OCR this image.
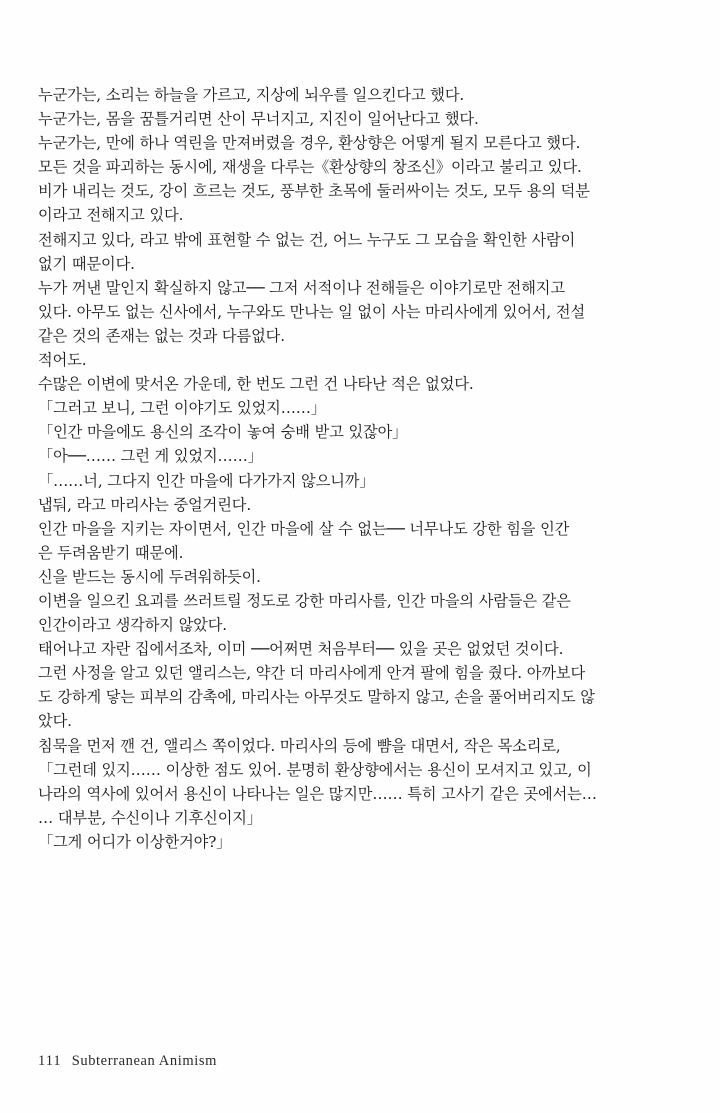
누군가는, 소리는 하늘을 가르고, 지상에 뇌우를 일으킨다고 했다.
누군가는, 몸을 꿈틀거리면 산이 무너지고, 지진이 일어난다고 했다.
누군가는, 만에 하나 역린을 만져버렸을 경우, 환상향은 어떻게 될지 모른다고 했다.
모든 것을 파괴하는 동시에, 재생을 다루는《환상향의 창조신》이라고 불리고 있다.
비가 내리는 것도, 강이 흐르는 것도, 풍부한 초목에 둘러싸이는 것도, 모두 용의 덕분
이라고 전해지고 있다.
전해지고 있다, 라고 밖에 표현할 수 없는 건, 어느 누구도 그 모습을 확인한 사람이
없기 때문이다.
누가 꺼낸 말인지 확실하지 않고── 그저 서적이나 전해들은 이야기로만 전해지고
있다. 아무도 없는 신사에서, 누구와도 만나는 일 없이 사는 마리사에게 있어서, 전설
같은 것의 존재는 없는 것과 다름없다.
적어도.
수많은 이변에 맞서온 가운데, 한 번도 그런 건 나타난 적은 없었다.
「그러고 보니, 그런 이야기도 있었지……」
「인간 마을에도 용신의 조각이 놓여 숭배 받고 있잖아」
「아──…… 그런 게 있었지……」
「……너, 그다지 인간 마을에 다가가지 않으니까」
냅둬, 라고 마리사는 중얼거린다.
인간 마을을 지키는 자이면서, 인간 마을에 살 수 없는── 너무나도 강한 힘을 인간
은 두려움받기 때문에.
신을 받드는 동시에 두려워하듯이.
이변을 일으킨 요괴를 쓰러트릴 정도로 강한 마리사를, 인간 마을의 사람들은 같은
인간이라고 생각하지 않았다.
태어나고 자란 집에서조차, 이미 ──어쩌면 처음부터── 있을 곳은 없었던 것이다.
그런 사정을 알고 있던 앨리스는, 약간 더 마리사에게 안겨 팔에 힘을 줬다. 아까보다
도 강하게 닿는 피부의 감촉에, 마리사는 아무것도 말하지 않고, 손을 풀어버리지도 않
았다.
침묵을 먼저 깬 건, 앨리스 쪽이었다. 마리사의 등에 뺨을 대면서, 작은 목소리로,
「그런데 있지…… 이상한 점도 있어. 분명히 환상향에서는 용신이 모셔지고 있고, 이
나라의 역사에 있어서 용신이 나타나는 일은 많지만…… 특히 고사기 같은 곳에서는…
… 대부분, 수신이나 기후신이지」
「그게 어디가 이상한거야?」
111 Subterranean Animism
